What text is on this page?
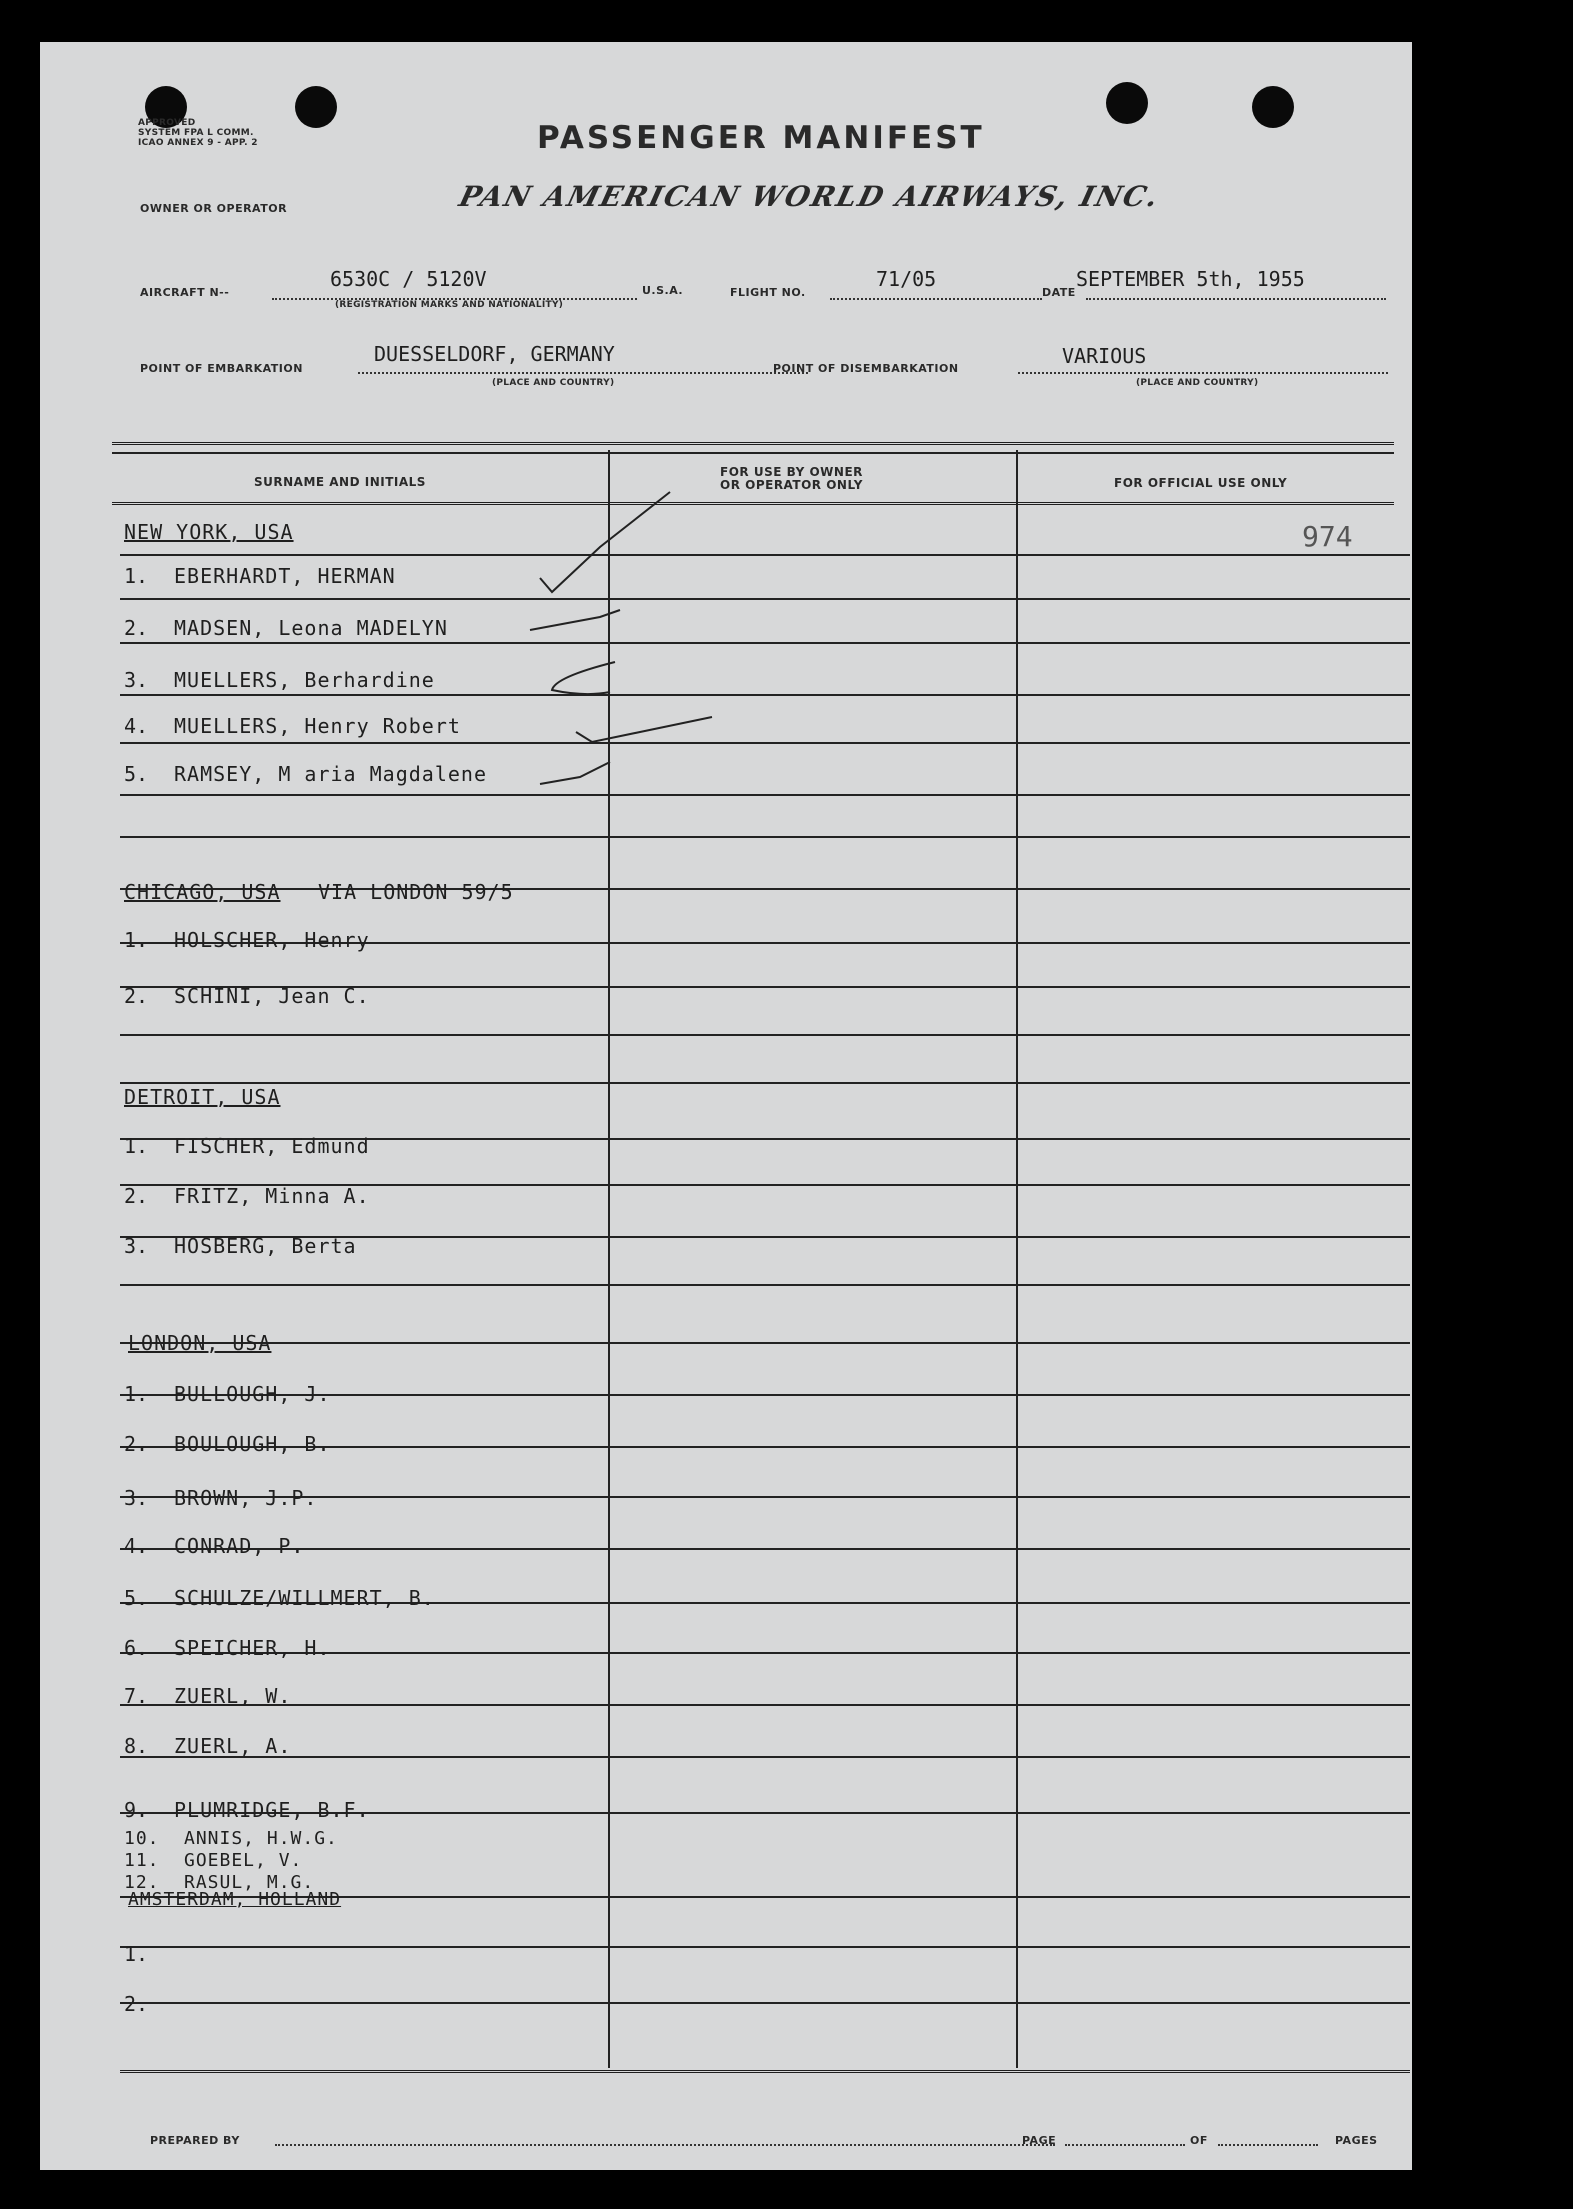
APPROVED
SYSTEM FPA L COMM.
ICAO ANNEX 9 - APP. 2	PASSENGER MANIFEST
PAN AMERICAN WORLD AIRWAYS, INC.
OWNER OR OPERATOR
AIRCRAFT N--
6530C / 5120V
(REGISTRATION MARKS AND NATIONALITY)
U.S.A.	FLIGHT NO.
71/05
DATE
SEPTEMBER 5th, 1955
POINT OF EMBARKATION
DUESSELDORF, GERMANY
(PLACE AND COUNTRY)
POINT OF DISEMBARKATION
VARIOUS
(PLACE AND COUNTRY)
SURNAME AND INITIALS
FOR USE BY OWNER
OR OPERATOR ONLY	FOR OFFICIAL USE ONLY
974
NEW YORK, USA
1. EBERHARDT, HERMAN
2. MADSEN, Leona MADELYN
3. MUELLERS, Berhardine
4. MUELLERS, Henry Robert
5. RAMSEY, M aria Magdalene
CHICAGO, USA VIA LONDON 59/5
1. HOLSCHER, Henry
2. SCHINI, Jean C.
DETROIT, USA
1. FISCHER, Edmund
2. FRITZ, Minna A.
3. HOSBERG, Berta
LONDON, USA
1. BULLOUGH, J.
2. BOULOUGH, B.
3. BROWN, J.P.
4. CONRAD, P.
5. SCHULZE/WILLMERT, B.
6. SPEICHER, H.
7. ZUERL, W.
8. ZUERL, A.
9. PLUMRIDGE, B.F.
10. ANNIS, H.W.G.
11. GOEBEL, V.
12. RASUL, M.G.
AMSTERDAM, HOLLAND
1.
2.
PREPARED BY	PAGE	OF	PAGES
